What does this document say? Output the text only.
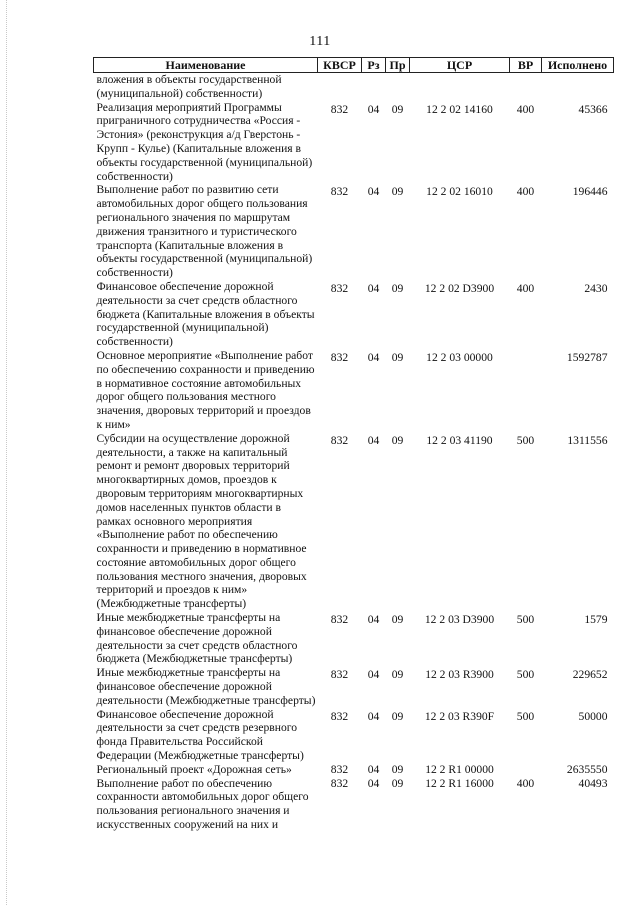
111
Наименование	КВСР	Рз	Пр	ЦСР	ВР	Исполнено
вложения в объекты государственной (муниципальной) собственности)						
Реализация мероприятий Программы приграничного сотрудничества «Россия - Эстония» (реконструкция а/д Гверстонь - Крупп - Кулье) (Капитальные вложения в объекты государственной (муниципальной) собственности)	832	04	09	12 2 02 14160	400	45366
Выполнение работ по развитию сети автомобильных дорог общего пользования регионального значения по маршрутам движения транзитного и туристического транспорта (Капитальные вложения в объекты государственной (муниципальной) собственности)	832	04	09	12 2 02 16010	400	196446
Финансовое обеспечение дорожной деятельности за счет средств областного бюджета (Капитальные вложения в объекты государственной (муниципальной) собственности)	832	04	09	12 2 02 D3900	400	2430
Основное мероприятие «Выполнение работ по обеспечению сохранности и приведению в нормативное состояние автомобильных дорог общего пользования местного значения, дворовых территорий и проездов к ним»	832	04	09	12 2 03 00000		1592787
Субсидии на осуществление дорожной деятельности, а также на капитальный ремонт и ремонт дворовых территорий многоквартирных домов, проездов к дворовым территориям многоквартирных домов населенных пунктов области в рамках основного мероприятия «Выполнение работ по обеспечению сохранности и приведению в нормативное состояние автомобильных дорог общего пользования местного значения, дворовых территорий и проездов к ним» (Межбюджетные трансферты)	832	04	09	12 2 03 41190	500	1311556
Иные межбюджетные трансферты на финансовое обеспечение дорожной деятельности за счет средств областного бюджета (Межбюджетные трансферты)	832	04	09	12 2 03 D3900	500	1579
Иные межбюджетные трансферты на финансовое обеспечение дорожной деятельности (Межбюджетные трансферты)	832	04	09	12 2 03 R3900	500	229652
Финансовое обеспечение дорожной деятельности за счет средств резервного фонда Правительства Российской Федерации (Межбюджетные трансферты)	832	04	09	12 2 03 R390F	500	50000
Региональный проект «Дорожная сеть»	832	04	09	12 2 R1 00000		2635550
Выполнение работ по обеспечению сохранности автомобильных дорог общего пользования регионального значения и искусственных сооружений на них и	832	04	09	12 2 R1 16000	400	40493
